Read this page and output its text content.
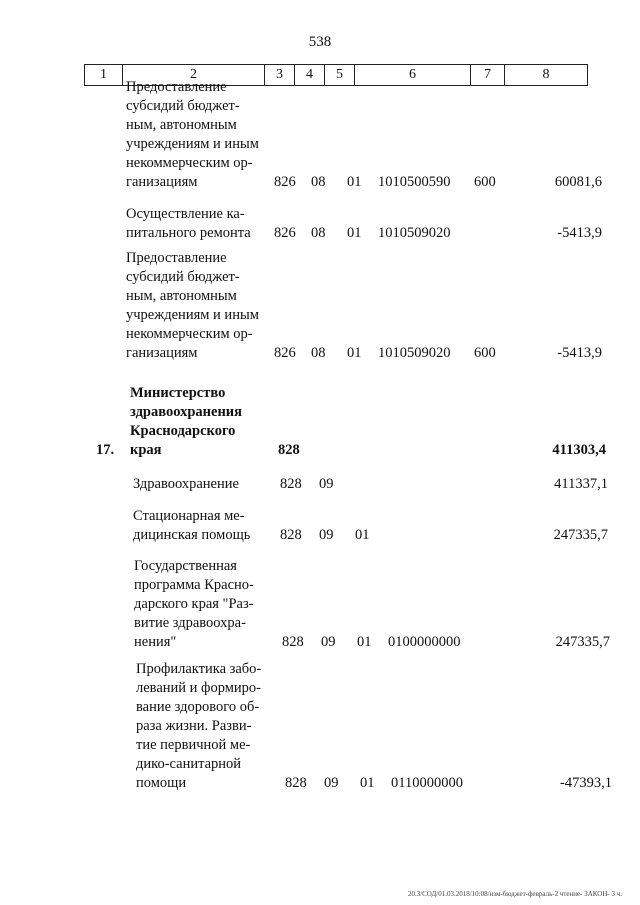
538
1	2	3	4	5	6	7	8
Предоставление
субсидий бюджет-
ным, автономным
учреждениям и иным
некоммерческим ор-
ганизациям	826 08 01 1010500590 600	60081,6
Осуществление ка-
питального ремонта	826 08 01 1010509020	-5413,9
Предоставление
субсидий бюджет-
ным, автономным
учреждениям и иным
некоммерческим ор-
ганизациям	826 08 01 1010509020 600	-5413,9
17.
Министерство
здравоохранения
Краснодарского
края	828	411303,4
Здравоохранение	828 09	411337,1
Стационарная ме-
дицинская помощь	828 09 01	247335,7
Государственная
программа Красно-
дарского края "Раз-
витие здравоохра-
нения"	828 09 01 0100000000	247335,7
Профилактика забо-
леваний и формиро-
вание здорового об-
раза жизни. Разви-
тие первичной ме-
дико-санитарной
помощи	828 09 01 0110000000	-47393,1
20.3/СОД/01.03.2018/10:08/изм-бюджет-февраль-2 чтение- ЗАКОН- 3 ч.
